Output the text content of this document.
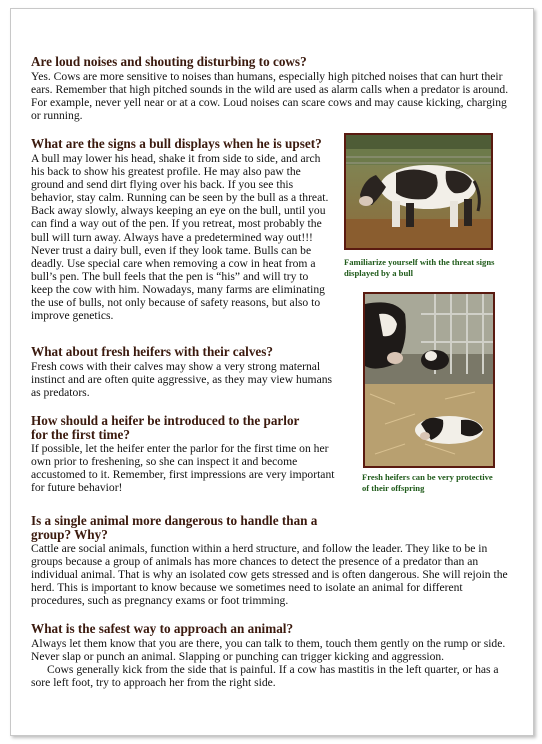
Are loud noises and shouting disturbing to cows?

Yes. Cows are more sensitive to noises than humans, especially high pitched noises that can hurt their ears. Remember that high pitched sounds in the wild are used as alarm calls when a predator is around. For example, never yell near or at a cow. Loud noises can scare cows and may cause kicking, charging or running.

What are the signs a bull displays when he is upset?

A bull may lower his head, shake it from side to side, and arch his back to show his greatest profile. He may also paw the ground and send dirt flying over his back. If you see this behavior, stay calm. Running can be seen by the bull as a threat. Back away slowly, always keeping an eye on the bull, until you can find a way out of the pen. If you retreat, most probably the bull will turn away. Always have a predetermined way out!!! Never trust a dairy bull, even if they look tame. Bulls can be deadly. Use special care when removing a cow in heat from a bull’s pen. The bull feels that the pen is “his” and will try to keep the cow with him. Nowadays, many farms are eliminating the use of bulls, not only because of safety reasons, but also to improve genetics.

Familiarize yourself with the threat signs displayed by a bull

Fresh heifers can be very protective of their offspring

What about fresh heifers with their calves?

Fresh cows with their calves may show a very strong maternal instinct and are often quite aggressive, as they may view humans as predators.

How should a heifer be introduced to the parlor for the first time?

If possible, let the heifer enter the parlor for the first time on her own prior to freshening, so she can inspect it and become accustomed to it. Remember, first impressions are very important for future behavior!

Is a single animal more dangerous to handle than a group? Why?

Cattle are social animals, function within a herd structure, and follow the leader. They like to be in groups because a group of animals has more chances to detect the presence of a predator than an individual animal. That is why an isolated cow gets stressed and is often dangerous. She will rejoin the herd. This is important to know because we sometimes need to isolate an animal for different procedures, such as pregnancy exams or foot trimming.

What is the safest way to approach an animal?

Always let them know that you are there, you can talk to them, touch them gently on the rump or side. Never slap or punch an animal. Slapping or punching can trigger kicking and aggression.

Cows generally kick from the side that is painful. If a cow has mastitis in the left quarter, or has a sore left foot, try to approach her from the right side.
